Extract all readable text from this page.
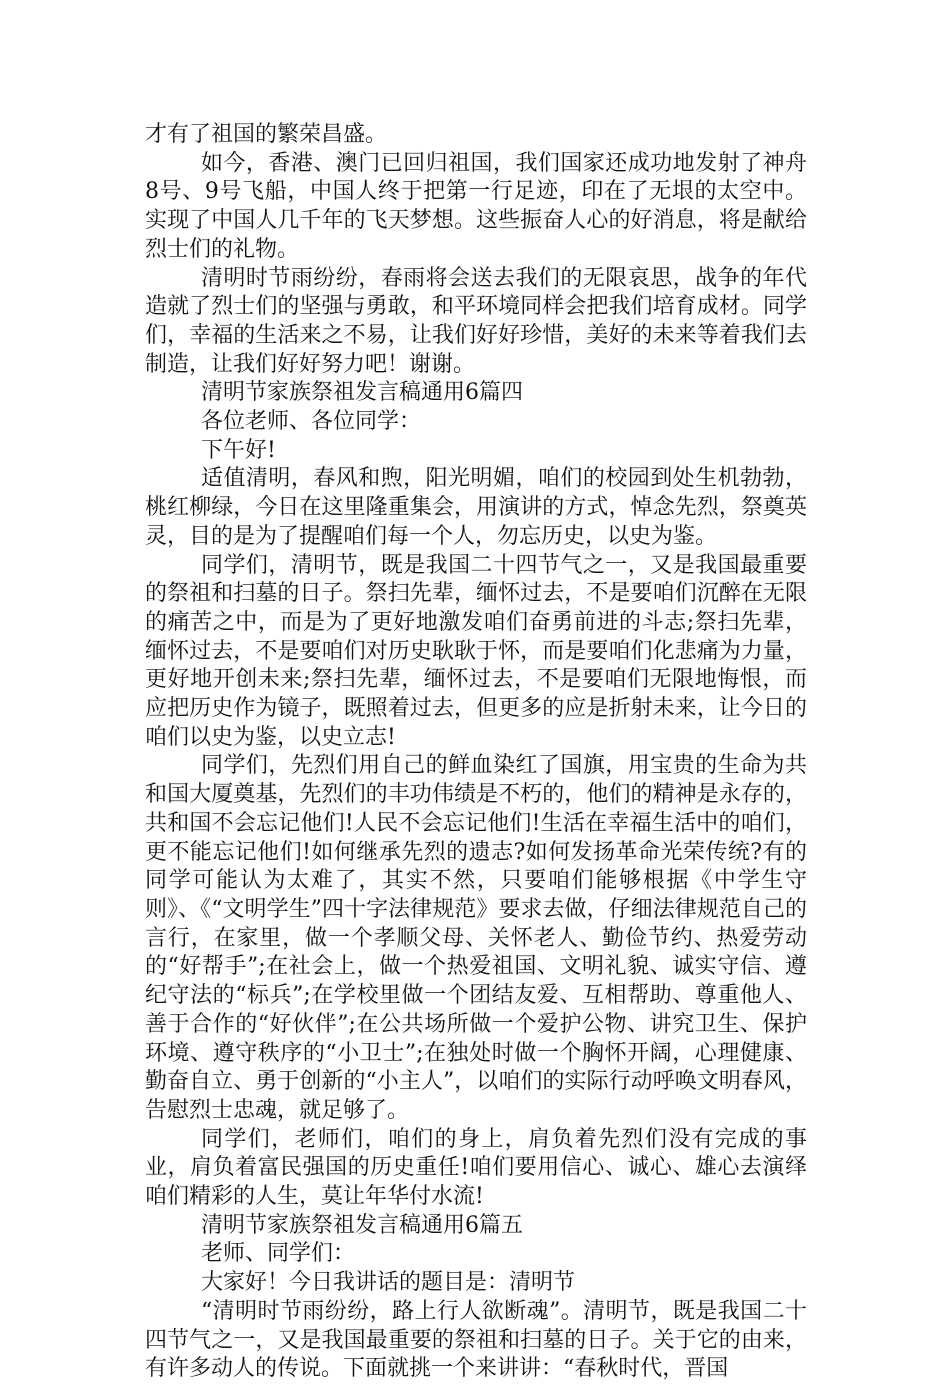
才有了祖国的繁荣昌盛。

如今，香港、澳门已回归祖国，我们国家还成功地发射了神舟8号、9号飞船，中国人终于把第一行足迹，印在了无垠的太空中。实现了中国人几千年的飞天梦想。这些振奋人心的好消息，将是献给烈士们的礼物。

清明时节雨纷纷，春雨将会送去我们的无限哀思，战争的年代造就了烈士们的坚强与勇敢，和平环境同样会把我们培育成材。同学们，幸福的生活来之不易，让我们好好珍惜，美好的未来等着我们去制造，让我们好好努力吧！谢谢。

清明节家族祭祖发言稿通用6篇四

各位老师、各位同学：

下午好!

适值清明，春风和煦，阳光明媚，咱们的校园到处生机勃勃，桃红柳绿，今日在这里隆重集会，用演讲的方式，悼念先烈，祭奠英灵，目的是为了提醒咱们每一个人，勿忘历史，以史为鉴。

同学们，清明节，既是我国二十四节气之一，又是我国最重要的祭祖和扫墓的日子。祭扫先辈，缅怀过去，不是要咱们沉醉在无限的痛苦之中，而是为了更好地激发咱们奋勇前进的斗志;祭扫先辈，缅怀过去，不是要咱们对历史耿耿于怀，而是要咱们化悲痛为力量，更好地开创未来;祭扫先辈，缅怀过去，不是要咱们无限地悔恨，而应把历史作为镜子，既照着过去，但更多的应是折射未来，让今日的咱们以史为鉴，以史立志!

同学们，先烈们用自己的鲜血染红了国旗，用宝贵的生命为共和国大厦奠基，先烈们的丰功伟绩是不朽的，他们的精神是永存的，共和国不会忘记他们!人民不会忘记他们!生活在幸福生活中的咱们，更不能忘记他们!如何继承先烈的遗志?如何发扬革命光荣传统?有的同学可能认为太难了，其实不然，只要咱们能够根据《中学生守则》、《“文明学生”四十字法律规范》要求去做，仔细法律规范自己的言行，在家里，做一个孝顺父母、关怀老人、勤俭节约、热爱劳动的“好帮手”;在社会上，做一个热爱祖国、文明礼貌、诚实守信、遵纪守法的“标兵”;在学校里做一个团结友爱、互相帮助、尊重他人、善于合作的“好伙伴”;在公共场所做一个爱护公物、讲究卫生、保护环境、遵守秩序的“小卫士”;在独处时做一个胸怀开阔，心理健康、勤奋自立、勇于创新的“小主人”，以咱们的实际行动呼唤文明春风，告慰烈士忠魂，就足够了。

同学们，老师们，咱们的身上，肩负着先烈们没有完成的事业，肩负着富民强国的历史重任!咱们要用信心、诚心、雄心去演绎咱们精彩的人生，莫让年华付水流!

清明节家族祭祖发言稿通用6篇五

老师、同学们：

大家好！今日我讲话的题目是：清明节

“清明时节雨纷纷，路上行人欲断魂”。清明节，既是我国二十四节气之一，又是我国最重要的祭祖和扫墓的日子。关于它的由来，有许多动人的传说。下面就挑一个来讲讲：“春秋时代，晋国
